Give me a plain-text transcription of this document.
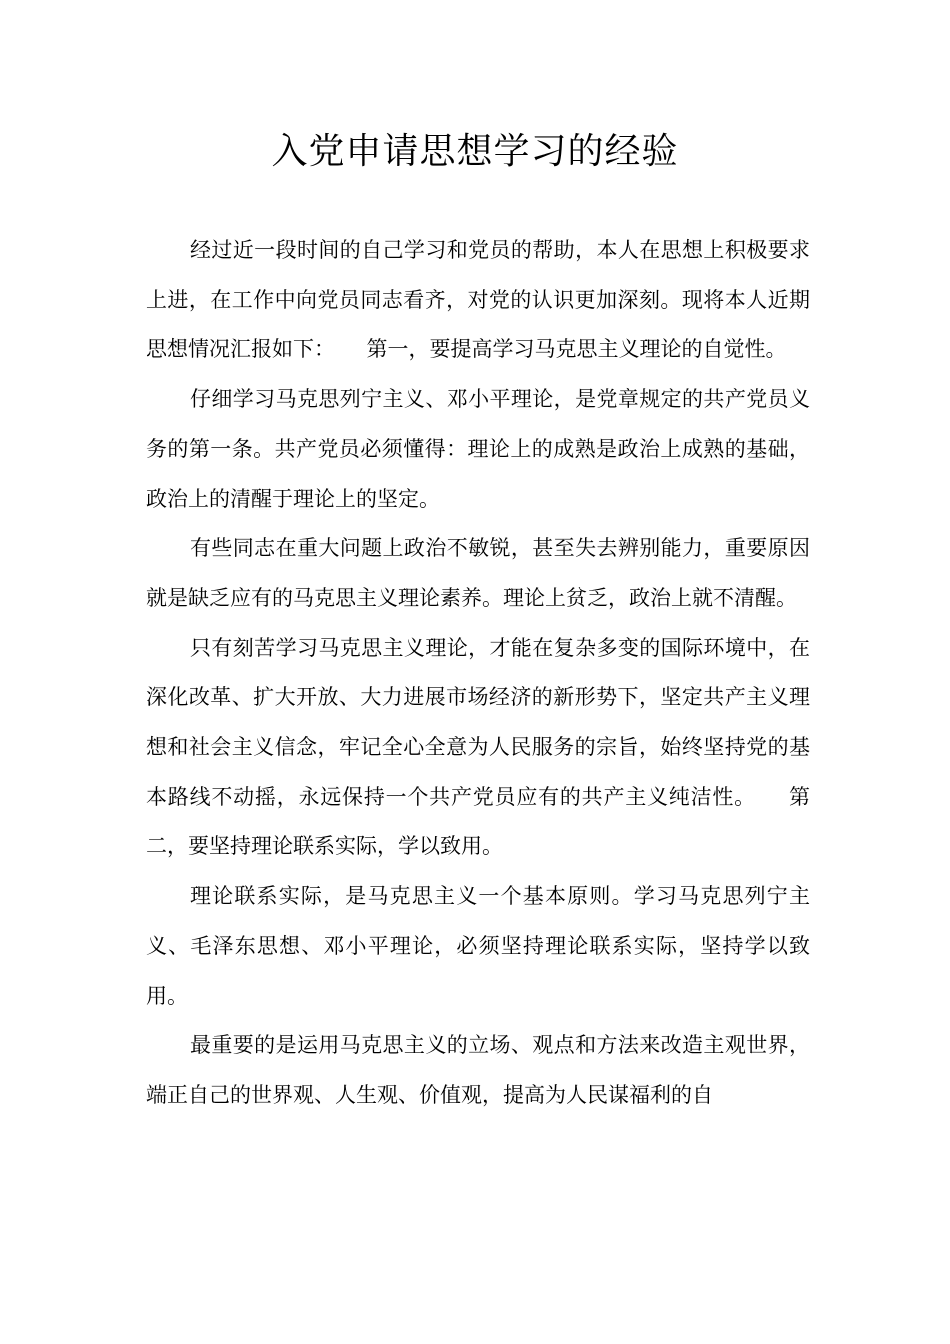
入党申请思想学习的经验

经过近一段时间的自己学习和党员的帮助，本人在思想上积极要求上进，在工作中向党员同志看齐，对党的认识更加深刻。现将本人近期思想情况汇报如下：　　第一，要提高学习马克思主义理论的自觉性。

仔细学习马克思列宁主义、邓小平理论，是党章规定的共产党员义务的第一条。共产党员必须懂得：理论上的成熟是政治上成熟的基础，政治上的清醒于理论上的坚定。

有些同志在重大问题上政治不敏锐，甚至失去辨别能力，重要原因就是缺乏应有的马克思主义理论素养。理论上贫乏，政治上就不清醒。

只有刻苦学习马克思主义理论，才能在复杂多变的国际环境中，在深化改革、扩大开放、大力进展市场经济的新形势下，坚定共产主义理想和社会主义信念，牢记全心全意为人民服务的宗旨，始终坚持党的基本路线不动摇，永远保持一个共产党员应有的共产主义纯洁性。　　第二，要坚持理论联系实际，学以致用。

理论联系实际，是马克思主义一个基本原则。学习马克思列宁主义、毛泽东思想、邓小平理论，必须坚持理论联系实际，坚持学以致用。

最重要的是运用马克思主义的立场、观点和方法来改造主观世界，端正自己的世界观、人生观、价值观，提高为人民谋福利的自
